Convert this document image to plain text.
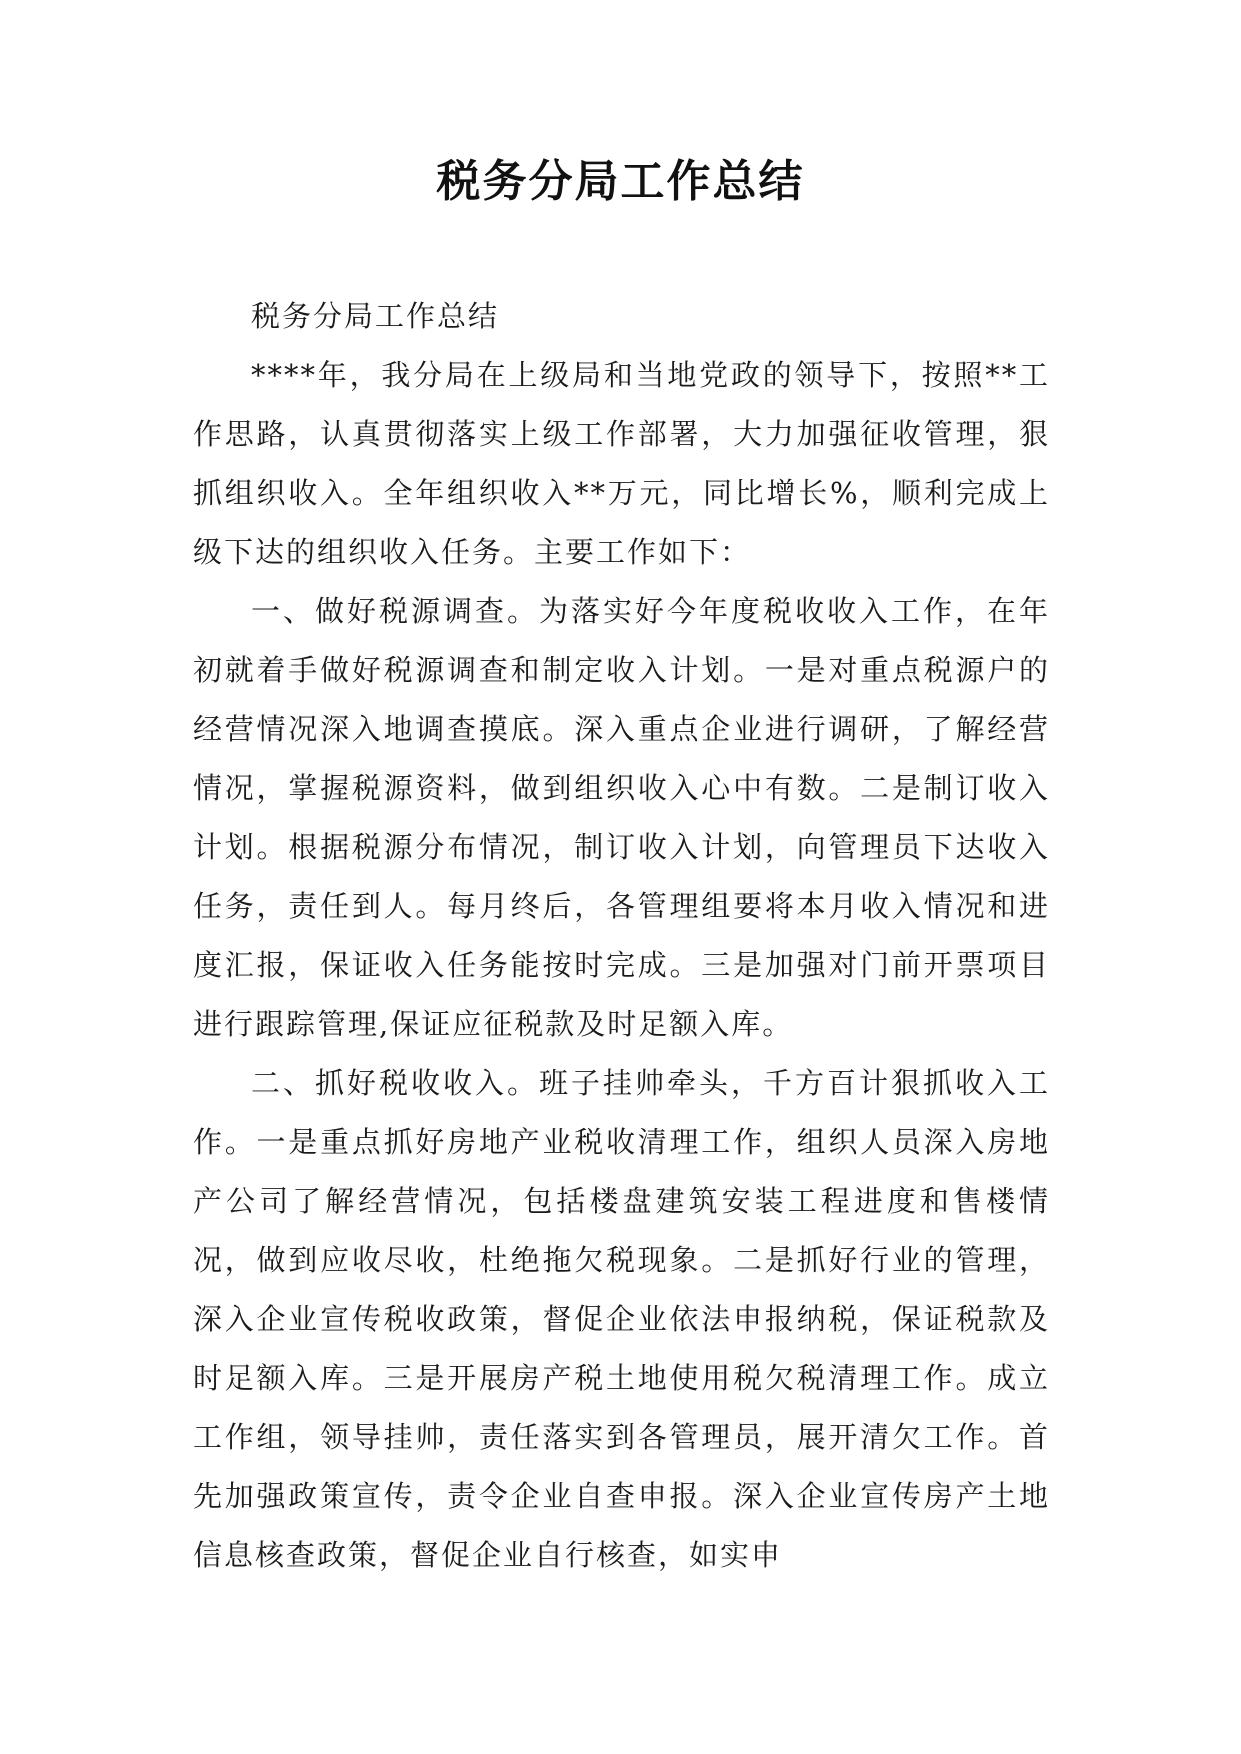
税务分局工作总结

税务分局工作总结

****年，我分局在上级局和当地党政的领导下，按照**工作思路，认真贯彻落实上级工作部署，大力加强征收管理，狠抓组织收入。全年组织收入**万元，同比增长%，顺利完成上级下达的组织收入任务。主要工作如下：

一、做好税源调查。为落实好今年度税收收入工作，在年初就着手做好税源调查和制定收入计划。一是对重点税源户的经营情况深入地调查摸底。深入重点企业进行调研，了解经营情况，掌握税源资料，做到组织收入心中有数。二是制订收入计划。根据税源分布情况，制订收入计划，向管理员下达收入任务，责任到人。每月终后，各管理组要将本月收入情况和进度汇报，保证收入任务能按时完成。三是加强对门前开票项目进行跟踪管理,保证应征税款及时足额入库。

二、抓好税收收入。班子挂帅牵头，千方百计狠抓收入工作。一是重点抓好房地产业税收清理工作，组织人员深入房地产公司了解经营情况，包括楼盘建筑安装工程进度和售楼情况，做到应收尽收，杜绝拖欠税现象。二是抓好行业的管理，深入企业宣传税收政策，督促企业依法申报纳税，保证税款及时足额入库。三是开展房产税土地使用税欠税清理工作。成立工作组，领导挂帅，责任落实到各管理员，展开清欠工作。首先加强政策宣传，责令企业自查申报。深入企业宣传房产土地信息核查政策，督促企业自行核查，如实申
